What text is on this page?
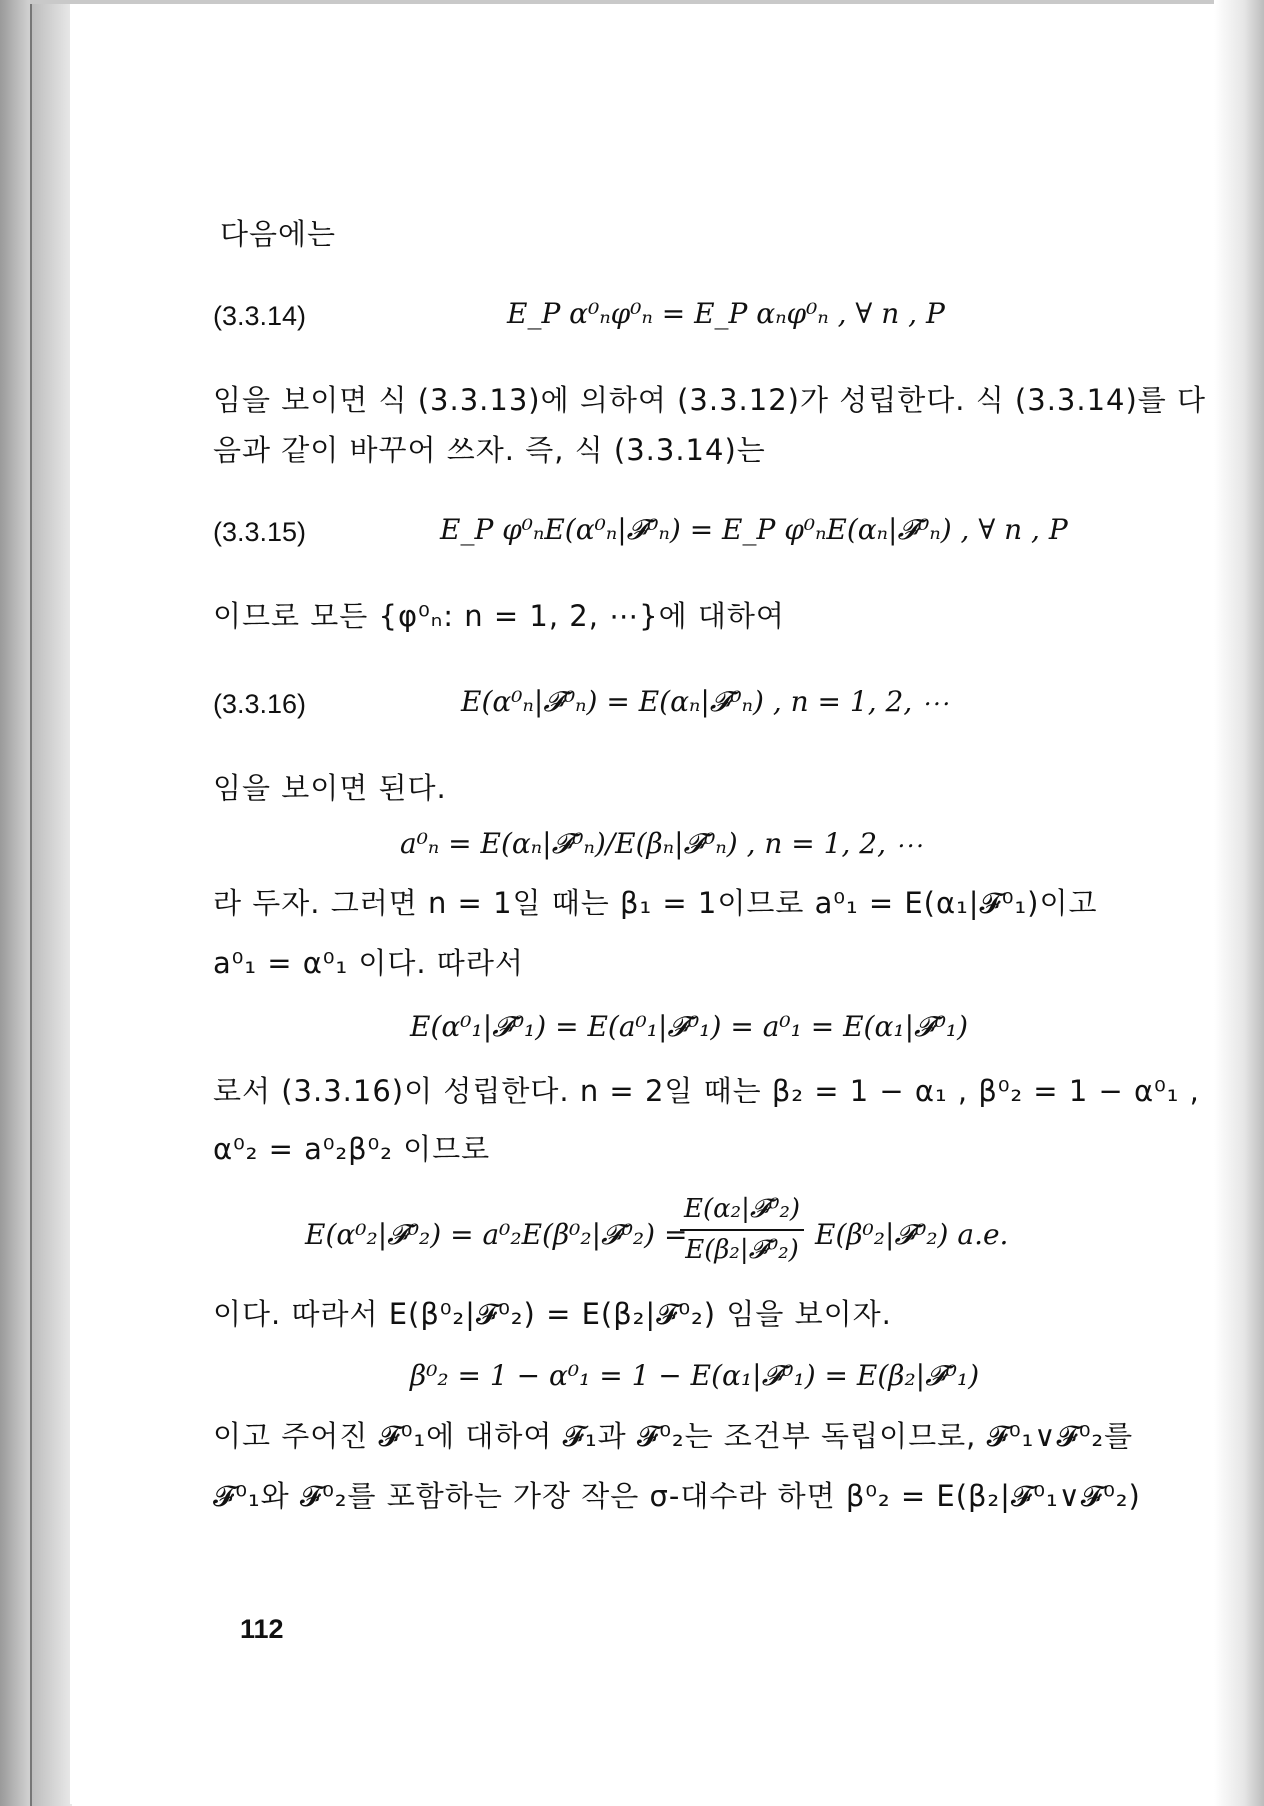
다음에는
(3.3.14)	E_P α⁰ₙφ⁰ₙ = E_P αₙφ⁰ₙ , ∀ n , P
임을 보이면 식 (3.3.13)에 의하여 (3.3.12)가 성립한다. 식 (3.3.14)를 다
음과 같이 바꾸어 쓰자. 즉, 식 (3.3.14)는
(3.3.15)	E_P φ⁰ₙE(α⁰ₙ|𝓕⁰ₙ) = E_P φ⁰ₙE(αₙ|𝓕⁰ₙ) , ∀ n , P
이므로 모든 {φ⁰ₙ: n = 1, 2, ⋯}에 대하여
(3.3.16)	E(α⁰ₙ|𝓕⁰ₙ) = E(αₙ|𝓕⁰ₙ) , n = 1, 2, ⋯
임을 보이면 된다.
a⁰ₙ = E(αₙ|𝓕⁰ₙ)/E(βₙ|𝓕⁰ₙ) , n = 1, 2, ⋯
라 두자. 그러면 n = 1일 때는 β₁ = 1이므로 a⁰₁ = E(α₁|𝓕⁰₁)이고
a⁰₁ = α⁰₁ 이다. 따라서
E(α⁰₁|𝓕⁰₁) = E(a⁰₁|𝓕⁰₁) = a⁰₁ = E(α₁|𝓕⁰₁)
로서 (3.3.16)이 성립한다. n = 2일 때는 β₂ = 1 − α₁ , β⁰₂ = 1 − α⁰₁ ,
α⁰₂ = a⁰₂β⁰₂ 이므로
E(α⁰₂|𝓕⁰₂) = a⁰₂E(β⁰₂|𝓕⁰₂) =
E(α₂|𝓕⁰₂)
E(β₂|𝓕⁰₂) E(β⁰₂|𝓕⁰₂) a.e.
이다. 따라서 E(β⁰₂|𝓕⁰₂) = E(β₂|𝓕⁰₂) 임을 보이자.
β⁰₂ = 1 − α⁰₁ = 1 − E(α₁|𝓕⁰₁) = E(β₂|𝓕⁰₁)
이고 주어진 𝓕⁰₁에 대하여 𝓕₁과 𝓕⁰₂는 조건부 독립이므로, 𝓕⁰₁∨𝓕⁰₂를
𝓕⁰₁와 𝓕⁰₂를 포함하는 가장 작은 σ-대수라 하면 β⁰₂ = E(β₂|𝓕⁰₁∨𝓕⁰₂)
112
